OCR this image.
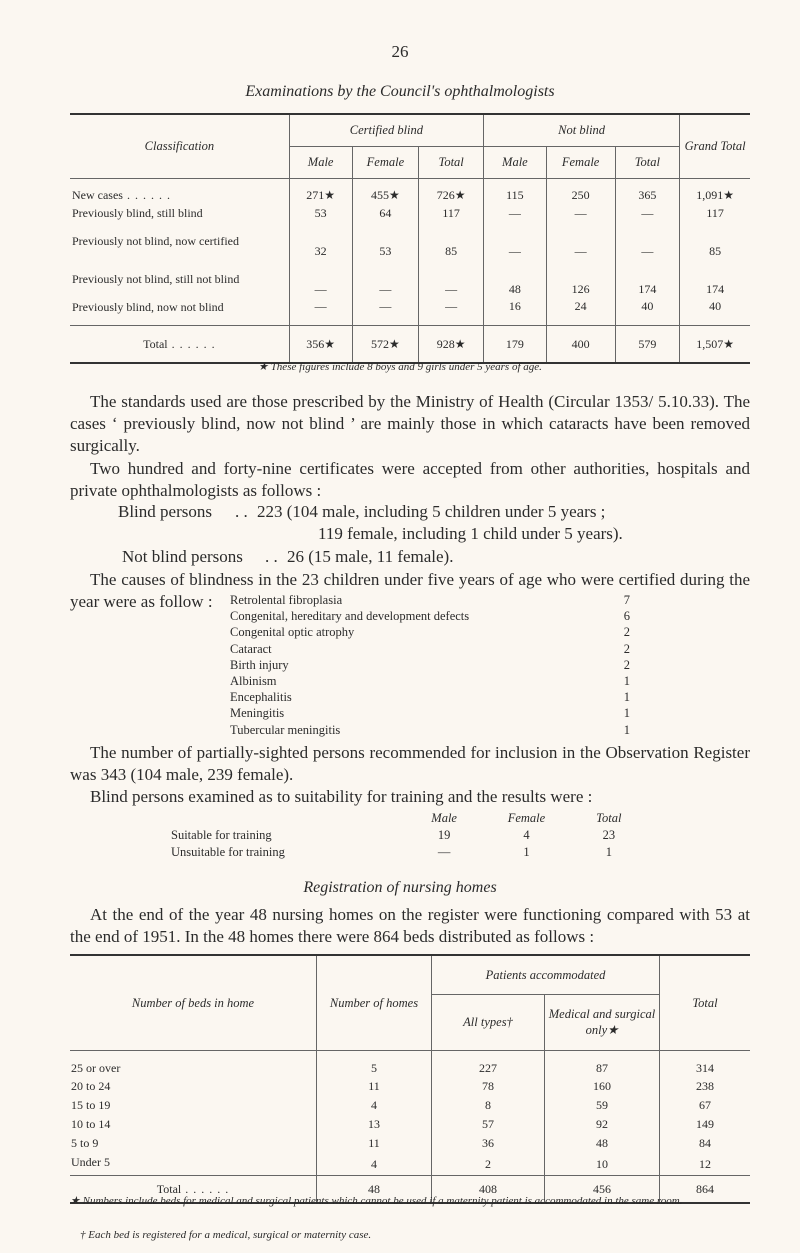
26
Examinations by the Council's ophthalmologists
Classification	Certified blind			Not blind			Grand Total
	Male	Female	Total	Male	Female	Total	
New cases . .	271★	455★	726★	115	250	365	1,091★
Previously blind, still blind	53	64	117	—	—	—	117
Previously not blind, now certified	32	53	85	—	—	—	85
Previously not blind, still not blind	—	—	—	48	126	174	174
Previously blind, now not blind	—	—	—	16	24	40	40
Total . .	356★	572★	928★	179	400	579	1,507★
★ These figures include 8 boys and 9 girls under 5 years of age.
The standards used are those prescribed by the Ministry of Health (Circular 1353/ 5.10.33). The cases ‘ previously blind, now not blind ’ are mainly those in which cataracts have been removed surgically.
Two hundred and forty-nine certificates were accepted from other authorities, hospitals and private ophthalmologists as follows :
Blind persons . . 223 (104 male, including 5 children under 5 years ;
119 female, including 1 child under 5 years).
Not blind persons . . 26 (15 male, 11 female).
The causes of blindness in the 23 children under five years of age who were certified during the year were as follow :	Retrolental fibroplasia	7
Congenital, hereditary and development defects	6
Congenital optic atrophy	2
Cataract	2
Birth injury	2
Albinism	1
Encephalitis	1
Meningitis	1
Tubercular meningitis	1
The number of partially-sighted persons recommended for inclusion in the Observation Register was 343 (104 male, 239 female).
Blind persons examined as to suitability for training and the results were :
	Male	Female	Total
Suitable for training	19	4	23
Unsuitable for training	—	1	1
Registration of nursing homes
At the end of the year 48 nursing homes on the register were functioning compared with 53 at the end of 1951. In the 48 homes there were 864 beds distributed as follows :
Number of beds in home	Number of homes	Patients accommodated		Total
		All types†	Medical and surgical only★	
25 or over	5	227	87	314
20 to 24	11	78	160	238
15 to 19	4	8	59	67
10 to 14	13	57	92	149
5 to 9	11	36	48	84
Under 5	4	2	10	12
Total . .	48	408	456	864
★ Numbers include beds for medical and surgical patients which cannot be used if a maternity patient is accommodated in the same room.
† Each bed is registered for a medical, surgical or maternity case.
